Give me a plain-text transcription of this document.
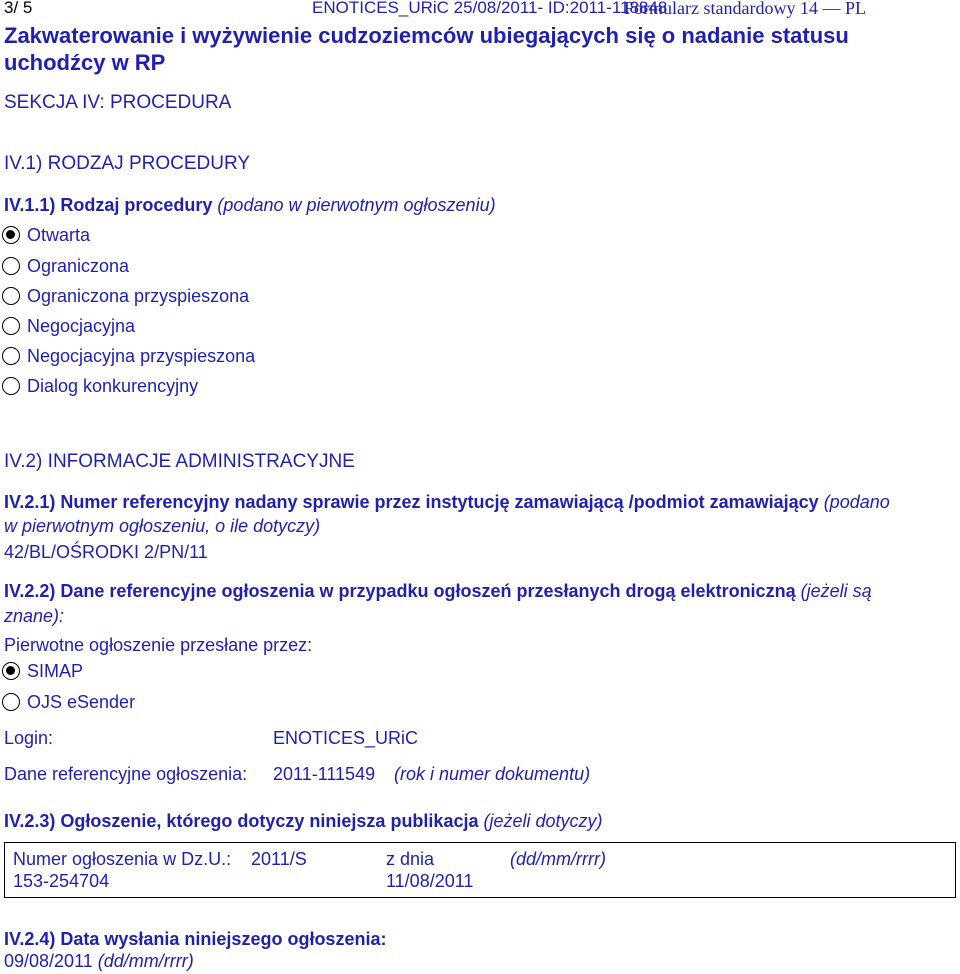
3/ 5	ENOTICES_URiC 25/08/2011- ID:2011-118848
Formularz standardowy 14 — PL
Zakwaterowanie i wyżywienie cudzoziemców ubiegających się o nadanie statusu uchodźcy w RP
SEKCJA IV: PROCEDURA
IV.1) RODZAJ PROCEDURY
IV.1.1) Rodzaj procedury (podano w pierwotnym ogłoszeniu)
Otwarta
Ograniczona
Ograniczona przyspieszona
Negocjacyjna
Negocjacyjna przyspieszona
Dialog konkurencyjny
IV.2) INFORMACJE ADMINISTRACYJNE
IV.2.1) Numer referencyjny nadany sprawie przez instytucję zamawiającą /podmiot zamawiający (podano
w pierwotnym ogłoszeniu, o ile dotyczy)
42/BL/OŚRODKI 2/PN/11
IV.2.2) Dane referencyjne ogłoszenia w przypadku ogłoszeń przesłanych drogą elektroniczną (jeżeli są
znane):
Pierwotne ogłoszenie przesłane przez:
SIMAP
OJS eSender
Login:	ENOTICES_URiC
Dane referencyjne ogłoszenia: 2011-111549 (rok i numer dokumentu)
IV.2.3) Ogłoszenie, którego dotyczy niniejsza publikacja (jeżeli dotyczy)
Numer ogłoszenia w Dz.U.: 2011/S
153-254704
z dnia
11/08/2011
(dd/mm/rrrr)
IV.2.4) Data wysłania niniejszego ogłoszenia:
09/08/2011 (dd/mm/rrrr)
